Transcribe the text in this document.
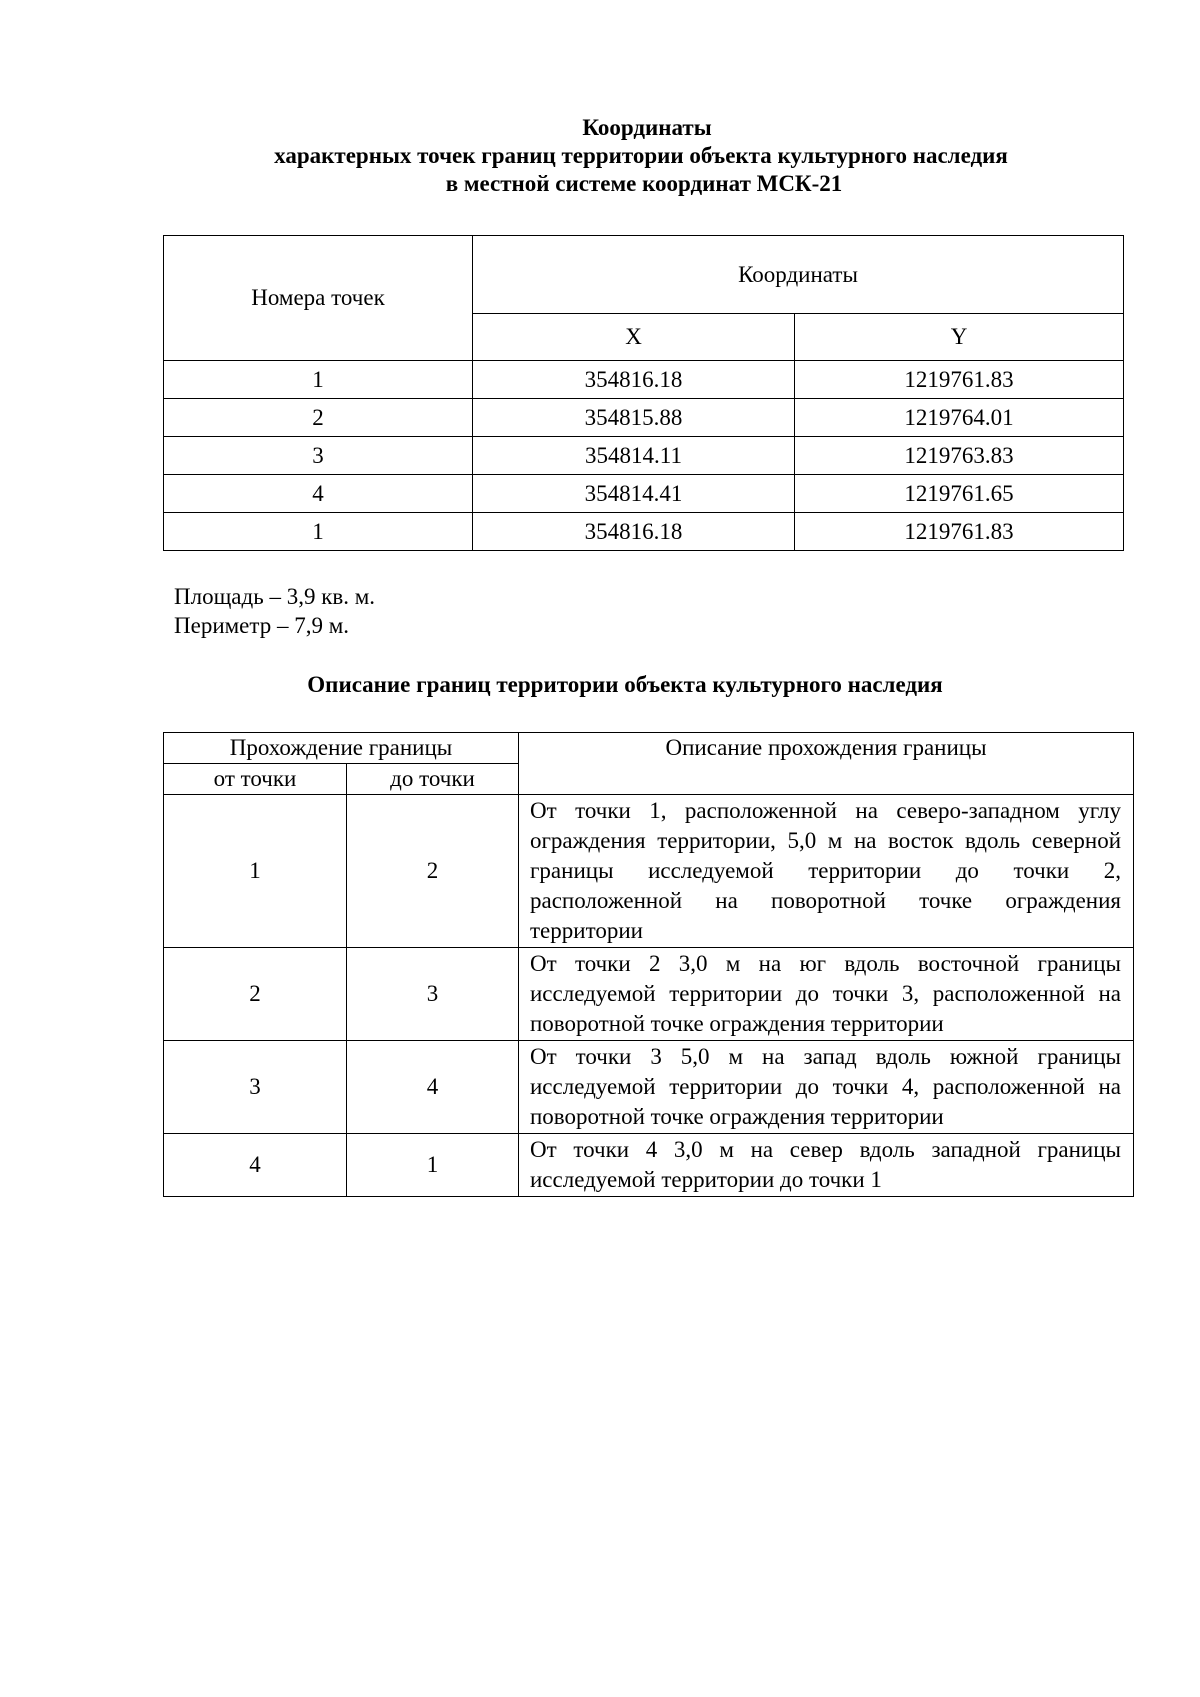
Координаты
характерных точек границ территории объекта культурного наследия
в местной системе координат МСК-21
Номера точек	Координаты	
	X	Y
1	354816.18	1219761.83
2	354815.88	1219764.01
3	354814.11	1219763.83
4	354814.41	1219761.65
1	354816.18	1219761.83
Площадь – 3,9 кв. м.
Периметр – 7,9 м.
Описание границ территории объекта культурного наследия
Прохождение границы		Описание прохождения границы
от точки	до точки	
1	2	От точки 1, расположенной на северо-западном углу ограждения территории, 5,0 м на восток вдоль северной границы исследуемой территории до точки 2, расположенной на поворотной точке ограждения территории
2	3	От точки 2 3,0 м на юг вдоль восточной границы исследуемой территории до точки 3, расположенной на поворотной точке ограждения территории
3	4	От точки 3 5,0 м на запад вдоль южной границы исследуемой территории до точки 4, расположенной на поворотной точке ограждения территории
4	1	От точки 4 3,0 м на север вдоль западной границы исследуемой территории до точки 1
